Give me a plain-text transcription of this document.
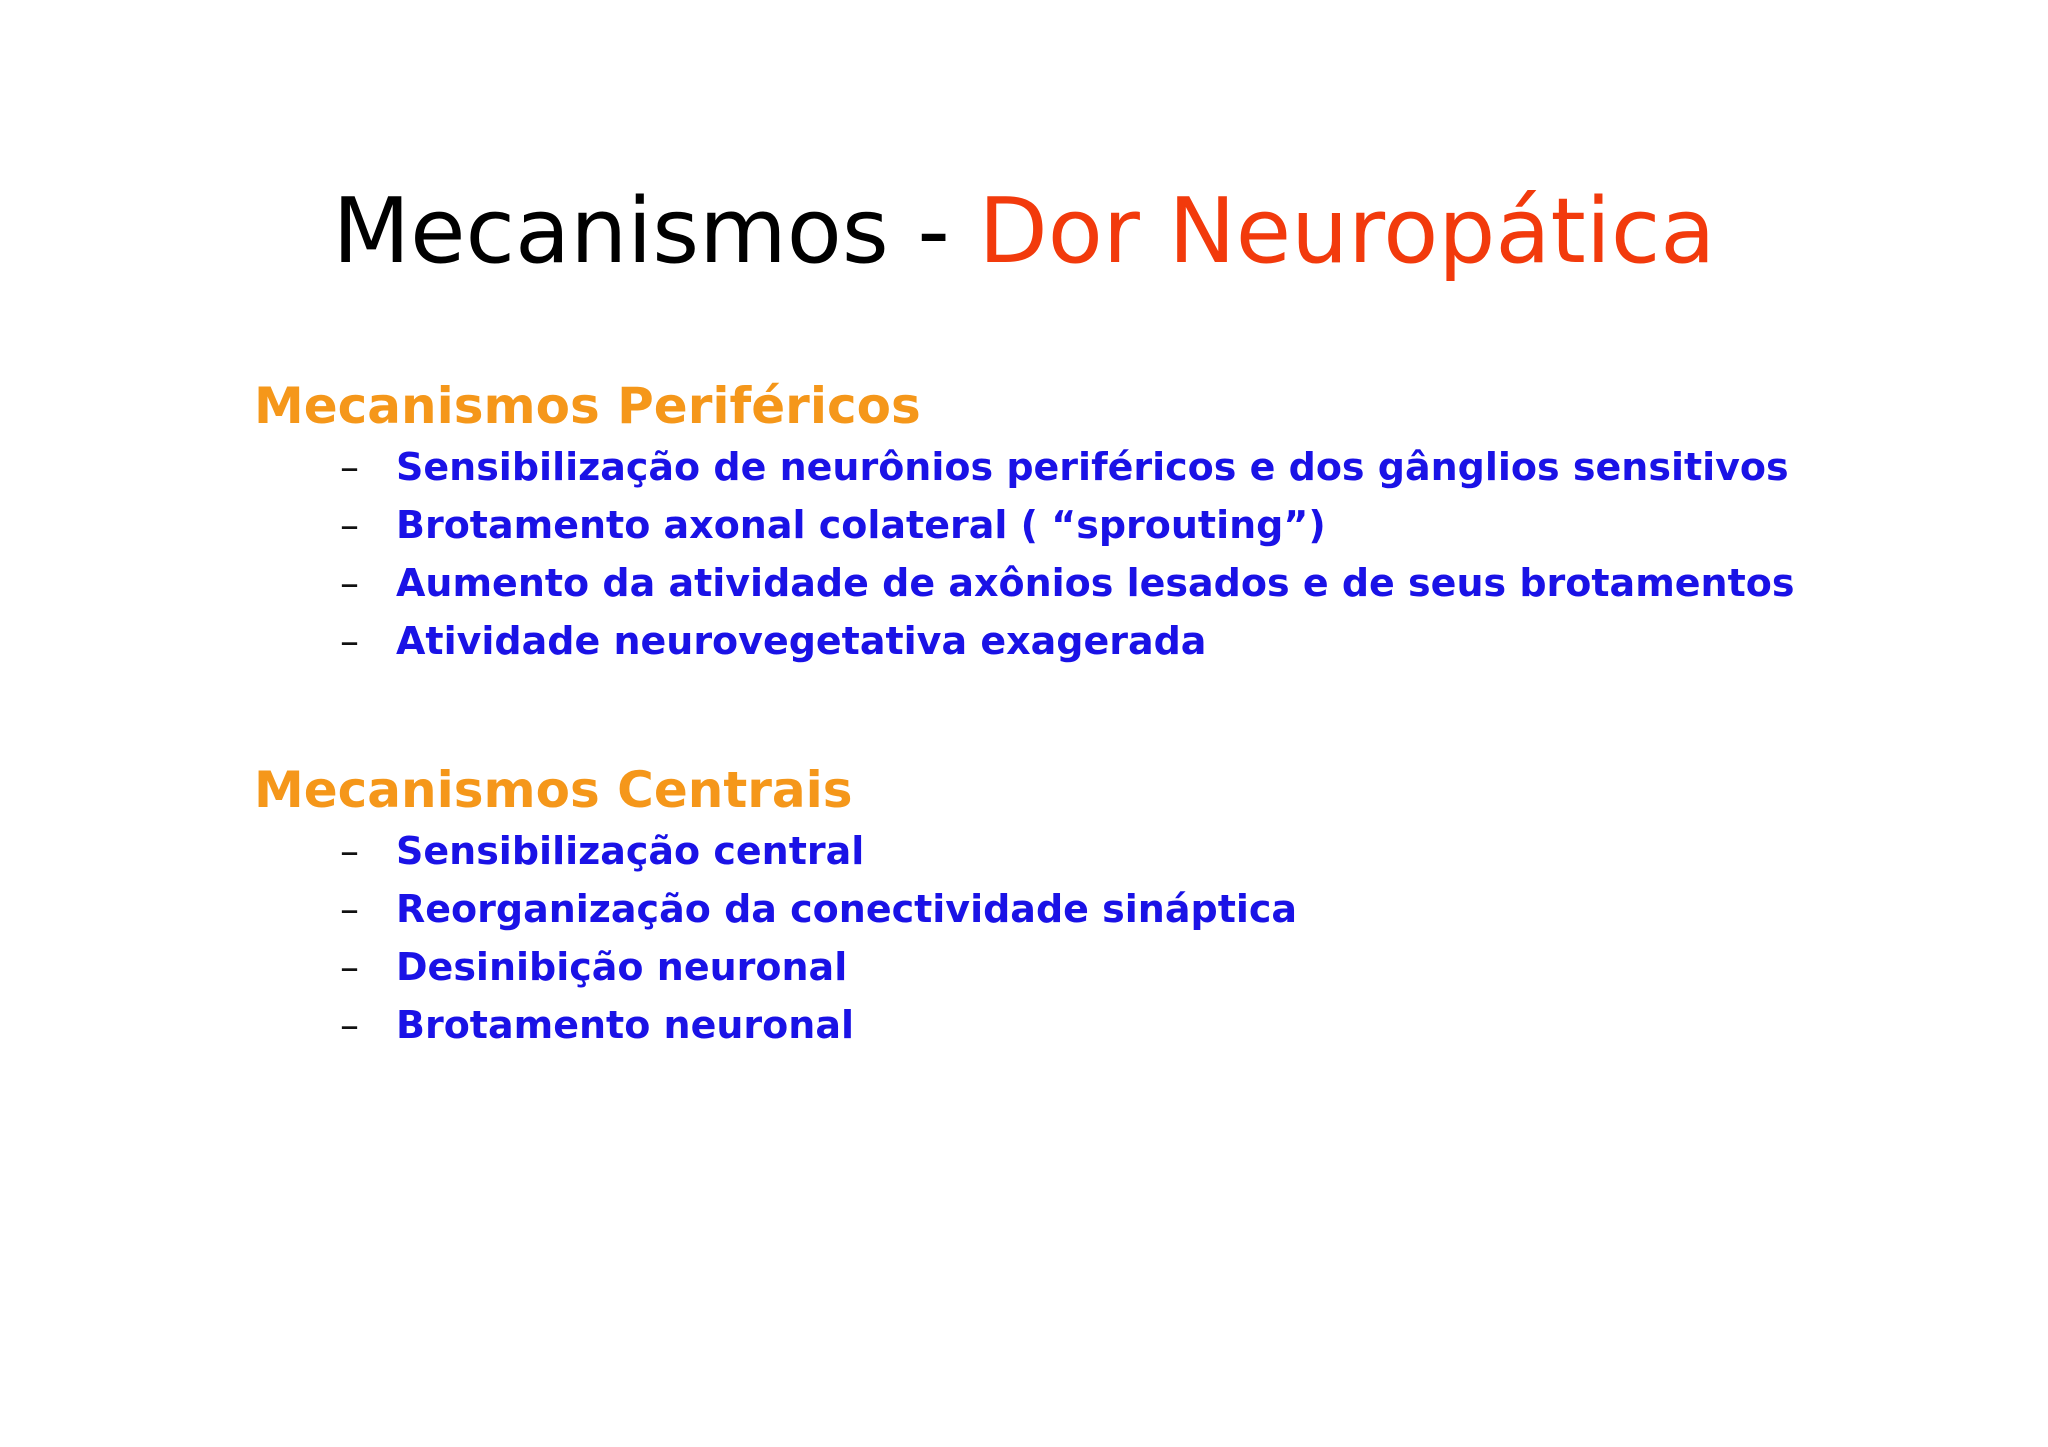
Mecanismos - Dor Neuropática
Mecanismos Periféricos
– Sensibilização de neurônios periféricos e dos gânglios sensitivos
– Brotamento axonal colateral ( “sprouting”)
– Aumento da atividade de axônios lesados e de seus brotamentos
– Atividade neurovegetativa exagerada
Mecanismos Centrais
– Sensibilização central
– Reorganização da conectividade sináptica
– Desinibição neuronal
– Brotamento neuronal
